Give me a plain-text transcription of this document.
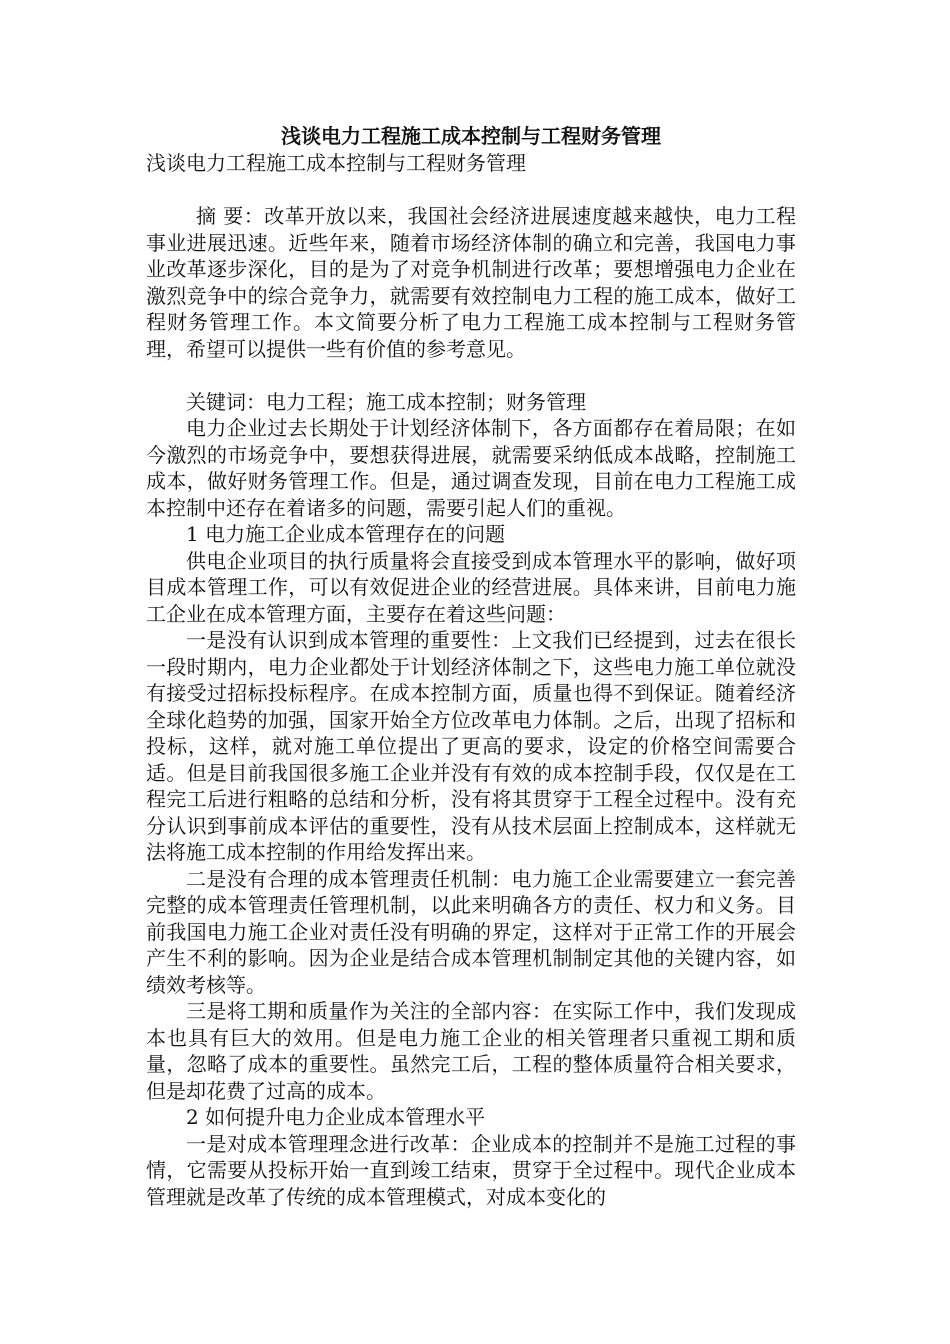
浅谈电力工程施工成本控制与工程财务管理
浅谈电力工程施工成本控制与工程财务管理

摘 要：改革开放以来，我国社会经济进展速度越来越快，电力工程事业进展迅速。近些年来，随着市场经济体制的确立和完善，我国电力事业改革逐步深化，目的是为了对竞争机制进行改革；要想增强电力企业在激烈竞争中的综合竞争力，就需要有效控制电力工程的施工成本，做好工程财务管理工作。本文简要分析了电力工程施工成本控制与工程财务管理，希望可以提供一些有价值的参考意见。

关键词：电力工程；施工成本控制；财务管理

电力企业过去长期处于计划经济体制下，各方面都存在着局限；在如今激烈的市场竞争中，要想获得进展，就需要采纳低成本战略，控制施工成本，做好财务管理工作。但是，通过调查发现，目前在电力工程施工成本控制中还存在着诸多的问题，需要引起人们的重视。

1 电力施工企业成本管理存在的问题

供电企业项目的执行质量将会直接受到成本管理水平的影响，做好项目成本管理工作，可以有效促进企业的经营进展。具体来讲，目前电力施工企业在成本管理方面，主要存在着这些问题：

一是没有认识到成本管理的重要性：上文我们已经提到，过去在很长一段时期内，电力企业都处于计划经济体制之下，这些电力施工单位就没有接受过招标投标程序。在成本控制方面，质量也得不到保证。随着经济全球化趋势的加强，国家开始全方位改革电力体制。之后，出现了招标和投标，这样，就对施工单位提出了更高的要求，设定的价格空间需要合适。但是目前我国很多施工企业并没有有效的成本控制手段，仅仅是在工程完工后进行粗略的总结和分析，没有将其贯穿于工程全过程中。没有充分认识到事前成本评估的重要性，没有从技术层面上控制成本，这样就无法将施工成本控制的作用给发挥出来。

二是没有合理的成本管理责任机制：电力施工企业需要建立一套完善完整的成本管理责任管理机制，以此来明确各方的责任、权力和义务。目前我国电力施工企业对责任没有明确的界定，这样对于正常工作的开展会产生不利的影响。因为企业是结合成本管理机制制定其他的关键内容，如绩效考核等。

三是将工期和质量作为关注的全部内容：在实际工作中，我们发现成本也具有巨大的效用。但是电力施工企业的相关管理者只重视工期和质量，忽略了成本的重要性。虽然完工后，工程的整体质量符合相关要求，但是却花费了过高的成本。

2 如何提升电力企业成本管理水平

一是对成本管理理念进行改革：企业成本的控制并不是施工过程的事情，它需要从投标开始一直到竣工结束，贯穿于全过程中。现代企业成本管理就是改革了传统的成本管理模式，对成本变化的
